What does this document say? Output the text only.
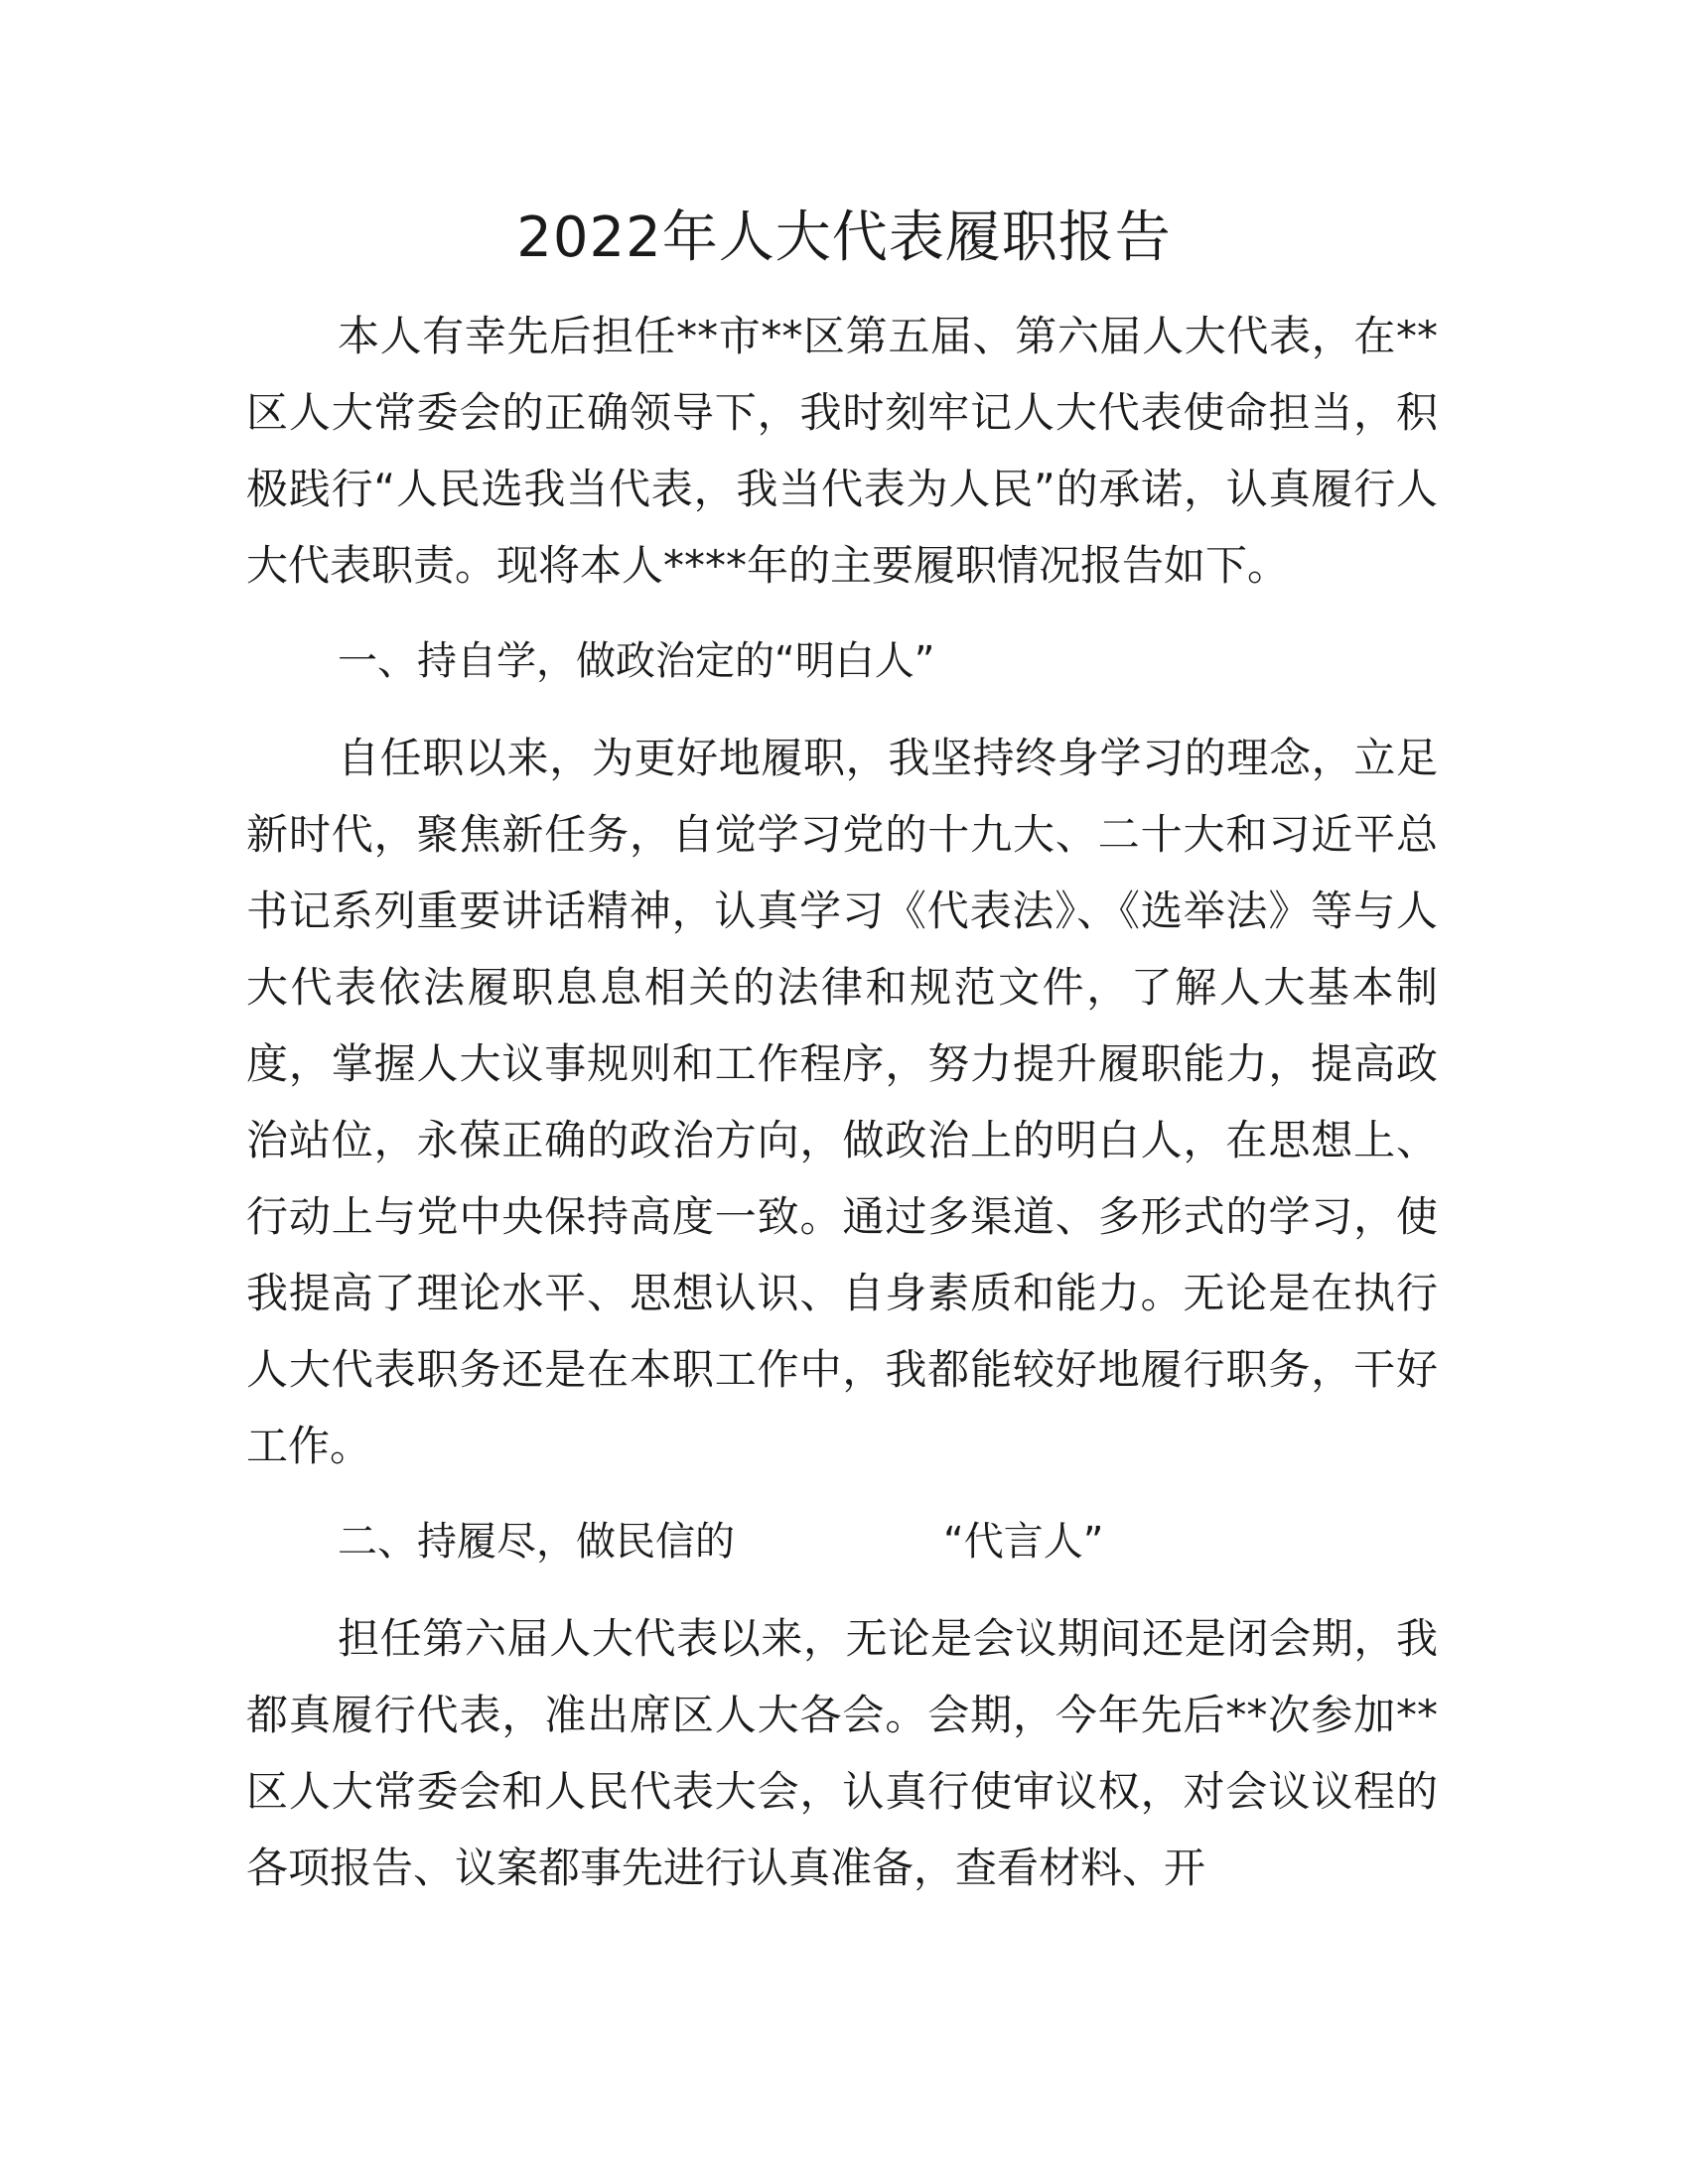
2022年人大代表履职报告

本人有幸先后担任**市**区第五届、第六届人大代表，在**区人大常委会的正确领导下，我时刻牢记人大代表使命担当，积极践行“人民选我当代表，我当代表为人民”的承诺，认真履行人大代表职责。现将本人****年的主要履职情况报告如下。

一、持自学，做政治定的“明白人”

自任职以来，为更好地履职，我坚持终身学习的理念，立足新时代，聚焦新任务，自觉学习党的十九大、二十大和习近平总书记系列重要讲话精神，认真学习《代表法》、《选举法》等与人大代表依法履职息息相关的法律和规范文件，了解人大基本制度，掌握人大议事规则和工作程序，努力提升履职能力，提高政治站位，永葆正确的政治方向，做政治上的明白人，在思想上、行动上与党中央保持高度一致。通过多渠道、多形式的学习，使我提高了理论水平、思想认识、自身素质和能力。无论是在执行人大代表职务还是在本职工作中，我都能较好地履行职务，干好工作。

二、持履尽，做民信的	“代言人”

担任第六届人大代表以来，无论是会议期间还是闭会期，我都真履行代表，准出席区人大各会。会期，今年先后**次参加**区人大常委会和人民代表大会，认真行使审议权，对会议议程的各项报告、议案都事先进行认真准备，查看材料、开
